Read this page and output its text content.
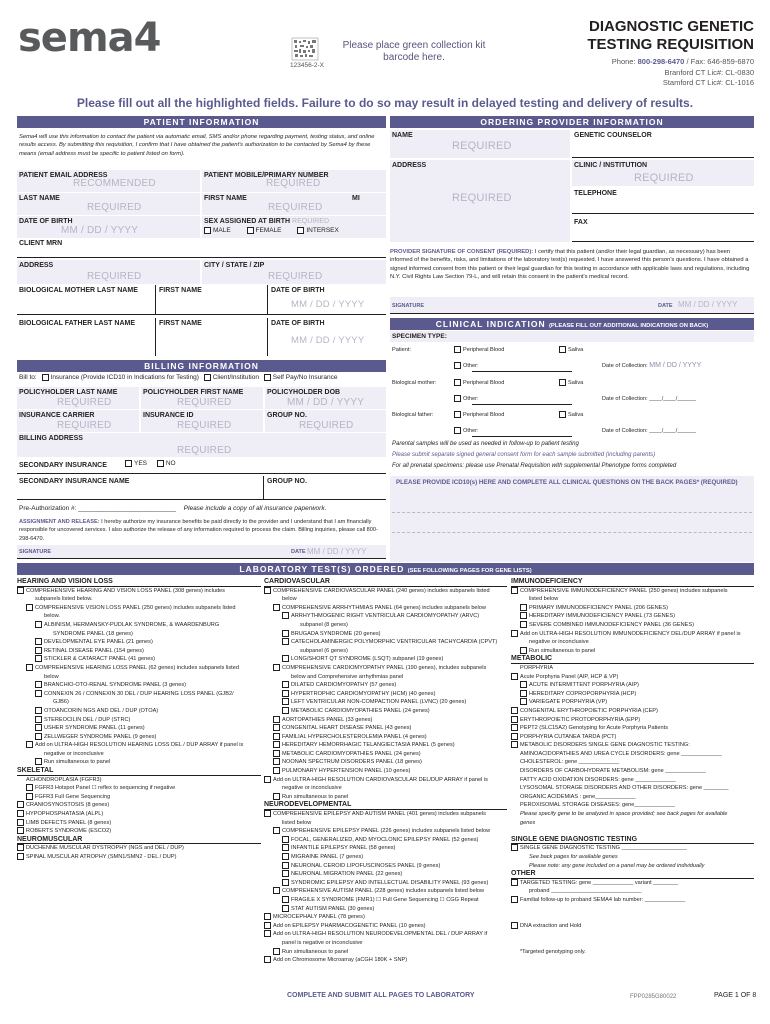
sema4
123456-2-X
Please place green collection kit barcode here.
DIAGNOSTIC GENETIC
TESTING REQUISITION
Phone: 800-298-6470 / Fax: 646-859-6870
Branford CT Lic#: CL-0830
Stamford CT Lic#: CL-1016
Please fill out all the highlighted fields. Failure to do so may result in delayed testing and delivery of results.
PATIENT INFORMATION
Sema4 will use this information to contact the patient via automatic email, SMS and/or phone regarding payment, testing status, and online results access. By submitting this requisition, I confirm that I have obtained the patient's authorization to be contacted by Sema4 by these means (email address must be specific to patient listed on form).
PATIENT EMAIL ADDRESS
RECOMMENDED
PATIENT MOBILE/PRIMARY NUMBER
REQUIRED
LAST NAME
REQUIRED
FIRST NAME	MI
REQUIRED
DATE OF BIRTH
MM / DD / YYYY
SEX ASSIGNED AT BIRTH REQUIRED
MALE	FEMALE	INTERSEX
CLIENT MRN
ADDRESS
REQUIRED
CITY / STATE / ZIP
REQUIRED
BIOLOGICAL MOTHER LAST NAME	FIRST NAME	DATE OF BIRTH
MM / DD / YYYY
BIOLOGICAL FATHER LAST NAME	FIRST NAME	DATE OF BIRTH
MM / DD / YYYY
ORDERING PROVIDER INFORMATION
NAME
REQUIRED
GENETIC COUNSELOR
ADDRESS
REQUIRED
CLINIC / INSTITUTION
REQUIRED
TELEPHONE
FAX
PROVIDER SIGNATURE OF CONSENT (REQUIRED): I certify that this patient (and/or their legal guardian, as necessary) has been informed of the benefits, risks, and limitations of the laboratory test(s) requested. I have answered this person's questions. I have obtained a signed informed consent from this patient or their legal guardian for this testing in accordance with applicable laws and regulations, including N.Y. Civil Rights Law Section 79-L, and will retain this consent in the patient's medical record.
SIGNATURE	DATE MM / DD / YYYY
CLINICAL INDICATION (PLEASE FILL OUT ADDITIONAL INDICATIONS ON BACK)
SPECIMEN TYPE:
Patient:	Peripheral Blood	Saliva
Other:	Date of Collection: MM / DD / YYYY
Biological mother:	Peripheral Blood	Saliva
Other:	Date of Collection: ____/____/______
Biological father:	Peripheral Blood	Saliva
Other:	Date of Collection: ____/____/______
Parental samples will be used as needed in follow-up to patient testing
Please submit separate signed general consent form for each sample submitted (including parents)
For all prenatal specimens: please use Prenatal Requisition with supplemental Phenotype forms completed
PLEASE PROVIDE ICD10(s) HERE AND COMPLETE ALL CLINICAL QUESTIONS ON THE BACK PAGES* (REQUIRED)
BILLING INFORMATION
Bill to: Insurance (Provide ICD10 in Indications for Testing) Client/Institution Self Pay/No Insurance
POLICYHOLDER LAST NAME
REQUIRED
POLICYHOLDER FIRST NAME
REQUIRED
POLICYHOLDER DOB
MM / DD / YYYY
INSURANCE CARRIER
REQUIRED
INSURANCE ID
REQUIRED
GROUP NO.
REQUIRED
BILLING ADDRESS
REQUIRED
SECONDARY INSURANCE	YES	NO
SECONDARY INSURANCE NAME	GROUP NO.
Pre-Authorization #: ___________________________ Please include a copy of all insurance paperwork.
ASSIGNMENT AND RELEASE: I hereby authorize my insurance benefits be paid directly to the provider and I understand that I am financially responsible for uncovered services. I also authorize the release of any information required to process the claim. Billing inquiries, please call 800-298-6470.
SIGNATURE	DATE MM / DD / YYYY
LABORATORY TEST(S) ORDERED (SEE FOLLOWING PAGES FOR GENE LISTS)
HEARING AND VISION LOSS
COMPREHENSIVE HEARING AND VISION LOSS PANEL (308 genes) includes
subpanels listed below.
COMPREHENSIVE VISION LOSS PANEL (250 genes) includes subpanels listed
below.
ALBINISM, HERMANSKY-PUDLAK SYNDROME, & WAARDENBURG
SYNDROME PANEL (18 genes)
DEVELOPMENTAL EYE PANEL (21 genes)
RETINAL DISEASE PANEL (154 genes)
STICKLER & CATARACT PANEL (41 genes)
COMPREHENSIVE HEARING LOSS PANEL (62 genes) includes subpanels listed
below
BRANCHIO-OTO-RENAL SYNDROME PANEL (3 genes)
CONNEXIN 26 / CONNEXIN 30 DEL / DUP HEARING LOSS PANEL (GJB2/
GJB6)
OTOANCORIN NGS AND DEL / DUP (OTOA)
STEREOCILIN DEL / DUP (STRC)
USHER SYNDROME PANEL (11 genes)
ZELLWEGER SYNDROME PANEL (9 genes)
Add on ULTRA-HIGH RESOLUTION HEARING LOSS DEL / DUP ARRAY if panel is
negative or inconclusive
Run simultaneous to panel
SKELETAL
ACHONDROPLASIA (FGFR3)
FGFR3 Hotspot Panel ☐ reflex to sequencing if negative
FGFR3 Full Gene Sequencing
CRANIOSYNOSTOSIS (8 genes)
HYPOPHOSPHATASIA (ALPL)
LIMB DEFECTS PANEL (8 genes)
ROBERTS SYNDROME (ESCO2)
NEUROMUSCULAR
DUCHENNE MUSCULAR DYSTROPHY (NGS and DEL / DUP)
SPINAL MUSCULAR ATROPHY (SMN1/SMN2 - DEL / DUP)
CARDIOVASCULAR
COMPREHENSIVE CARDIOVASCULAR PANEL (240 genes) includes subpanels listed
below
COMPREHENSIVE ARRHYTHMIAS PANEL (64 genes) includes subpanels below
ARRHYTHMOGENIC RIGHT VENTRICULAR CARDIOMYOPATHY (ARVC)
subpanel (8 genes)
BRUGADA SYNDROME (20 genes)
CATECHOLAMINERGIC POLYMORPHIC VENTRICULAR TACHYCARDIA (CPVT)
subpanel (6 genes)
LONG/SHORT QT SYNDROME (LSQT) subpanel (19 genes)
COMPREHENSIVE CARDIOMYOPATHY PANEL (190 genes), includes subpanels
below and Comprehensive arrhythmias panel
DILATED CARDIOMYOPATHY (57 genes)
HYPERTROPHIC CARDIOMYOPATHY (HCM) (40 genes)
LEFT VENTRICULAR NON-COMPACTION PANEL (LVNC) (20 genes)
METABOLIC CARDIOMYOPATHIES PANEL (24 genes)
AORTOPATHIES PANEL (33 genes)
CONGENITAL HEART DISEASE PANEL (43 genes)
FAMILIAL HYPERCHOLESTEROLEMIA PANEL (4 genes)
HEREDITARY HEMORRHAGIC TELANGIECTASIA PANEL (5 genes)
METABOLIC CARDIOMYOPATHIES PANEL (24 genes)
NOONAN SPECTRUM DISORDERS PANEL (18 genes)
PULMONARY HYPERTENSION PANEL (10 genes)
Add on ULTRA-HIGH RESOLUTION CARDIOVASCULAR DEL/DUP ARRAY if panel is
negative or inconclusive
Run simultaneous to panel
NEURODEVELOPMENTAL
COMPREHENSIVE EPILEPSY AND AUTISM PANEL (401 genes) includes subpanels
listed below
COMPREHENSIVE EPILEPSY PANEL (226 genes) includes subpanels listed below
FOCAL, GENERALIZED, AND MYOCLONIC EPILEPSY PANEL (52 genes)
INFANTILE EPILEPSY PANEL (58 genes)
MIGRAINE PANEL (7 genes)
NEURONAL CEROID LIPOFUSCINOSES PANEL (9 genes)
NEURONAL MIGRATION PANEL (22 genes)
SYNDROMIC EPILEPSY AND INTELLECTUAL DISABILITY PANEL (93 genes)
COMPREHENSIVE AUTISM PANEL (228 genes) includes subpanels listed below
FRAGILE X SYNDROME (FMR1) ☐ Full Gene Sequencing ☐ CGG Repeat
STAT AUTISM PANEL (30 genes)
MICROCEPHALY PANEL (78 genes)
Add on EPILEPSY PHARMACOGENETIC PANEL (10 genes)
Add on ULTRA-HIGH RESOLUTION NEURODEVELOPMENTAL DEL / DUP ARRAY if
panel is negative or inconclusive
Run simultaneous to panel
Add on Chromosome Microarray (aCGH 180K + SNP)
IMMUNODEFICIENCY
COMPREHENSIVE IMMUNODEFICIENCY PANEL (250 genes) includes subpanels
listed below
PRIMARY IMMUNODEFICIENCY PANEL (206 GENES)
HEREDITARY IMMUNODEFICIENCY PANEL (73 GENES)
SEVERE COMBINED IMMUNODEFICIENCY PANEL (36 GENES)
Add on ULTRA-HIGH RESOLUTION IMMUNODEFICIENCY DEL/DUP ARRAY if panel is
negative or inconclusive
Run simultaneous to panel
METABOLIC
PORPHYRIA
Acute Porphyria Panel (AIP, HCP & VP)
ACUTE INTERMITTENT PORPHYRIA (AIP)
HEREDITARY COPROPORPHYRIA (HCP)
VARIEGATE PORPHYRIA (VP)
CONGENITAL ERYTHROPOIETIC PORPHYRIA (CEP)
ERYTHROPOIETIC PROTOPORPHYRIA (EPP)
PEPT2 (SLC15A2) Genotyping for Acute Porphyria Patients
PORPHYRIA CUTANEA TARDA (PCT)
METABOLIC DISORDERS SINGLE GENE DIAGNOSTIC TESTING:
AMINOACIDOPATHIES AND UREA CYCLE DISORDERS: gene _____________
CHOLESTEROL: gene _____________
DISORDERS OF CARBOHYDRATE METABOLISM: gene _____________
FATTY ACID OXIDATION DISORDERS: gene _____________
LYSOSOMAL STORAGE DISORDERS AND OTHER DISORDERS: gene ________
ORGANIC ACIDEMIAS : gene_____________
PEROXISOMAL STORAGE DISEASES: gene_____________
Please specify gene to be analyzed in space provided; see back pages for available
genes
SINGLE GENE DIAGNOSTIC TESTING
SINGLE GENE DIAGNOSTIC TESTING _____________________
See back pages for available genes
Please note: any gene included on a panel may be ordered individually
OTHER
TARGETED TESTING: gene _____________ variant ________
proband _____________________________
Familial follow-up to proband SEMA4 lab number: _____________
DNA extraction and Hold
*Targeted genotyping only.
COMPLETE AND SUBMIT ALL PAGES TO LABORATORY	FPP0285G80022	PAGE 1 OF 8
